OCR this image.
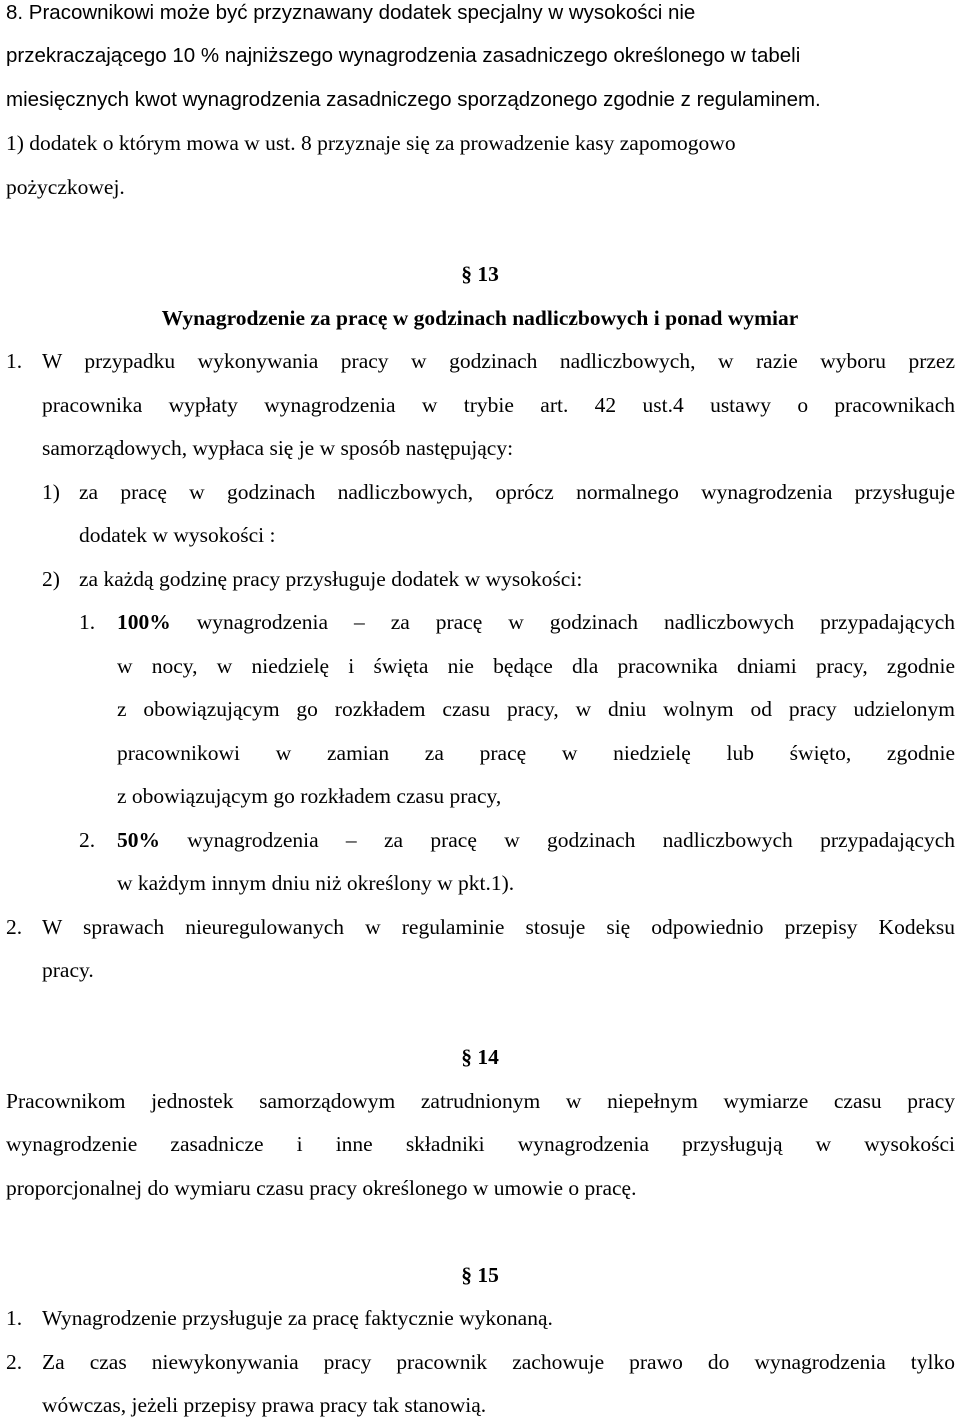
8. Pracownikowi może być przyznawany dodatek specjalny w wysokości nie
przekraczającego 10 % najniższego wynagrodzenia zasadniczego określonego w tabeli
miesięcznych kwot wynagrodzenia zasadniczego sporządzonego zgodnie z regulaminem.
1) dodatek o którym mowa w ust. 8 przyznaje się za prowadzenie kasy zapomogowo
pożyczkowej.
§ 13
Wynagrodzenie za pracę w godzinach nadliczbowych i ponad wymiar
1. W przypadku wykonywania pracy w godzinach nadliczbowych, w razie wyboru przez
pracownika wypłaty wynagrodzenia w trybie art. 42 ust.4 ustawy o pracownikach
samorządowych, wypłaca się je w sposób następujący:
1) za pracę w godzinach nadliczbowych, oprócz normalnego wynagrodzenia przysługuje
dodatek w wysokości :
2) za każdą godzinę pracy przysługuje dodatek w wysokości:
1. 100% wynagrodzenia – za pracę w godzinach nadliczbowych przypadających
w nocy, w niedzielę i święta nie będące dla pracownika dniami pracy, zgodnie
z obowiązującym go rozkładem czasu pracy, w dniu wolnym od pracy udzielonym
pracownikowi w zamian za pracę w niedzielę lub święto, zgodnie
z obowiązującym go rozkładem czasu pracy,
2. 50% wynagrodzenia – za pracę w godzinach nadliczbowych przypadających
w każdym innym dniu niż określony w pkt.1).
2. W sprawach nieuregulowanych w regulaminie stosuje się odpowiednio przepisy Kodeksu
pracy.
§ 14
Pracownikom jednostek samorządowym zatrudnionym w niepełnym wymiarze czasu pracy
wynagrodzenie zasadnicze i inne składniki wynagrodzenia przysługują w wysokości
proporcjonalnej do wymiaru czasu pracy określonego w umowie o pracę.
§ 15
1. Wynagrodzenie przysługuje za pracę faktycznie wykonaną.
2. Za czas niewykonywania pracy pracownik zachowuje prawo do wynagrodzenia tylko
wówczas, jeżeli przepisy prawa pracy tak stanowią.
